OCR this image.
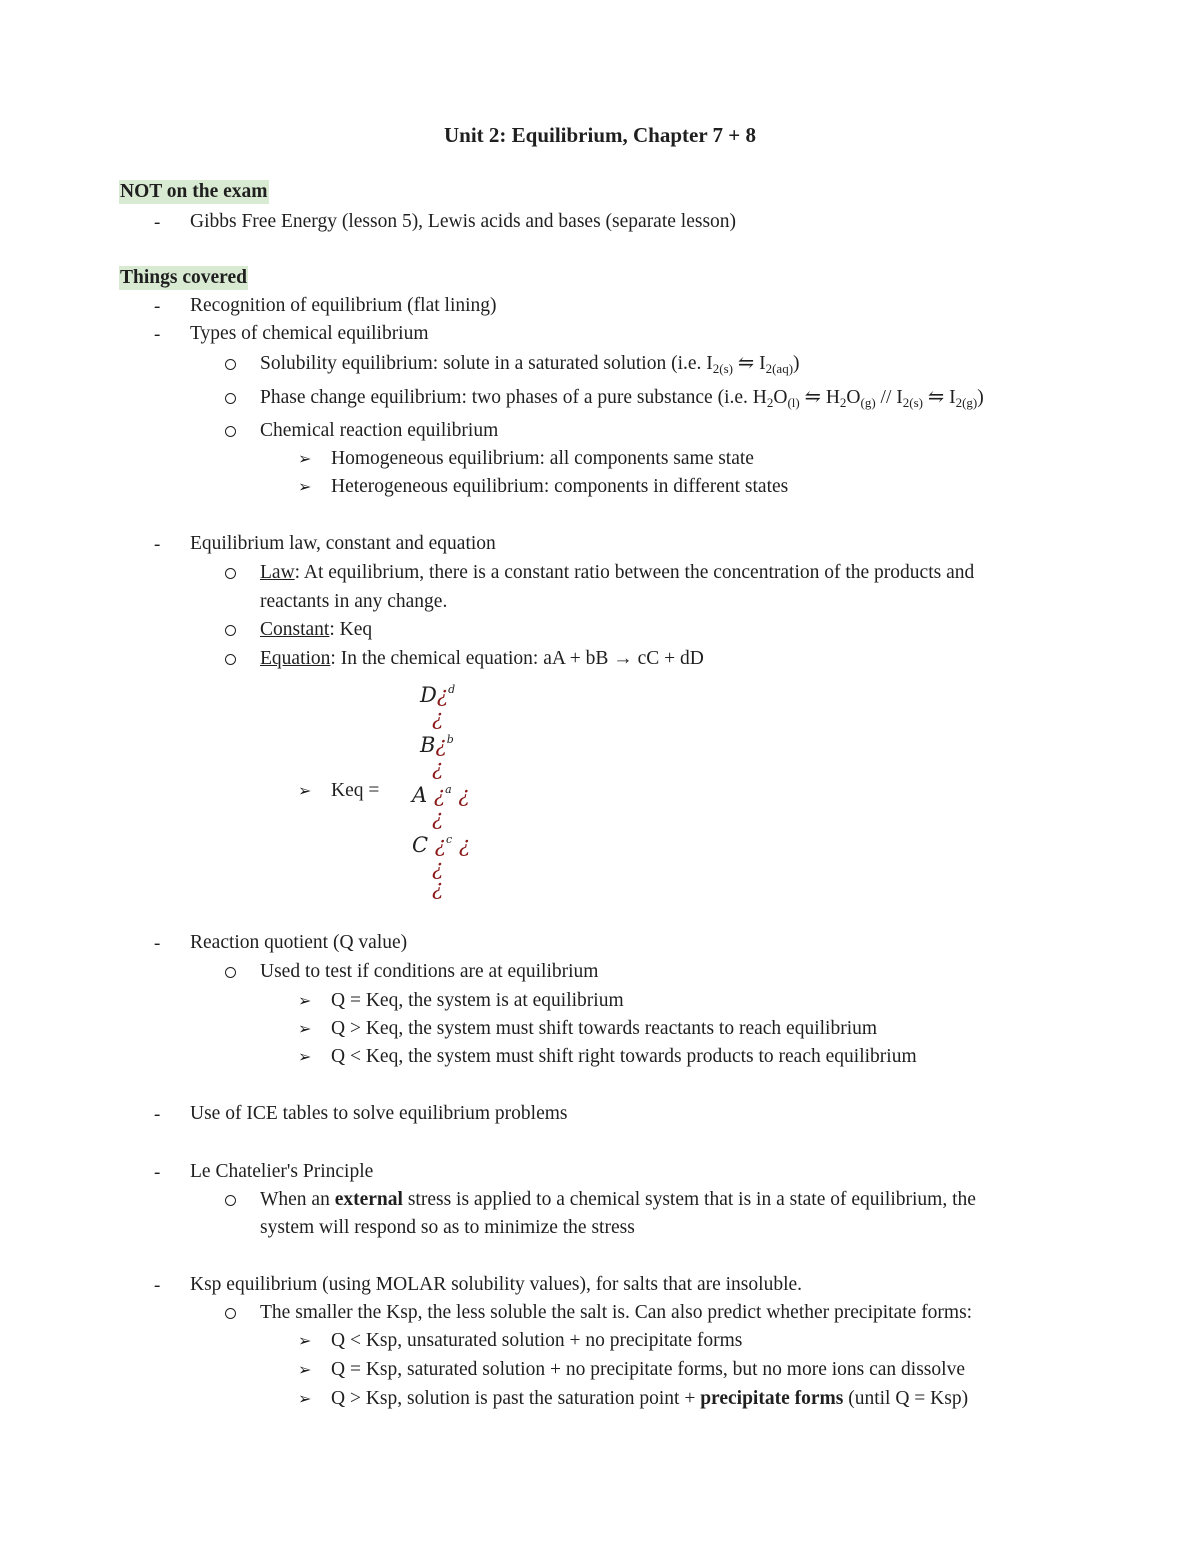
Unit 2: Equilibrium, Chapter 7 + 8
NOT on the exam
- Gibbs Free Energy (lesson 5), Lewis acids and bases (separate lesson)
Things covered
- Recognition of equilibrium (flat lining)
- Types of chemical equilibrium
Solubility equilibrium: solute in a saturated solution (i.e. $I_{2(s)}$ ⇋ $I_{2(aq)}$)
Phase change equilibrium: two phases of a pure substance (i.e. $H_2O_{(l)}$ ⇋ $H_2O_{(g)} // I_{2(s)}$ ⇋ $I_{2(g)}$)
Chemical reaction equilibrium
➢ Homogeneous equilibrium: all components same state
➢ Heterogeneous equilibrium: components in different states
- Equilibrium law, constant and equation
Law: At equilibrium, there is a constant ratio between the concentration of the products and
reactants in any change.
Constant: Keq
Equation: In the chemical equation: aA + bB → cC + dD
D¿$^d$
¿
B¿$^b$
¿
➢ Keq = A ¿$^a$ ¿
¿
C ¿$^c$ ¿
¿
¿
- Reaction quotient (Q value)
Used to test if conditions are at equilibrium
➢ Q = Keq, the system is at equilibrium
➢ Q > Keq, the system must shift towards reactants to reach equilibrium
➢ Q < Keq, the system must shift right towards products to reach equilibrium
- Use of ICE tables to solve equilibrium problems
- Le Chatelier's Principle
When an external stress is applied to a chemical system that is in a state of equilibrium, the
system will respond so as to minimize the stress
- Ksp equilibrium (using MOLAR solubility values), for salts that are insoluble.
The smaller the Ksp, the less soluble the salt is. Can also predict whether precipitate forms:
➢ Q < Ksp, unsaturated solution + no precipitate forms
➢ Q = Ksp, saturated solution + no precipitate forms, but no more ions can dissolve
➢ Q > Ksp, solution is past the saturation point + precipitate forms (until Q = Ksp)
